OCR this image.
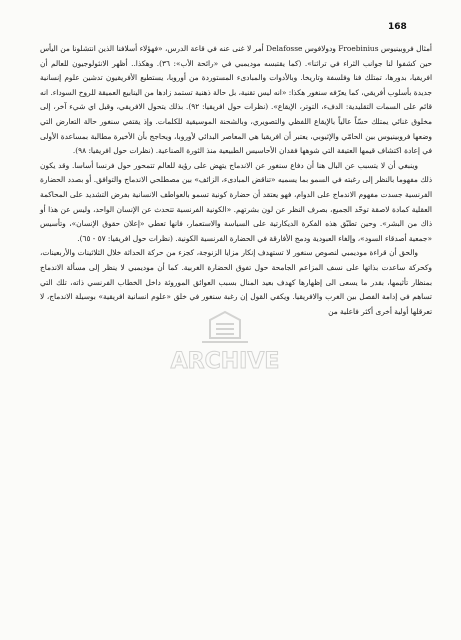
168

أمثال فروبينيوس Froebinius ودولافوس Delafosse أمر لا غنى عنه في قاعة الدرس، «فهؤلاء أسلافنا الذين انتشلونا من اليأس حين كشفوا لنا جوانب الثراء في تراثنا». (كما يقتبسه موديمبي في «رائحة الأب»: ٣٦). وهكذا.. أظهر الانثولوجيون للعالم أن افريقيا، بدورها، تمتلك فنا وفلسفة وتاريخا. وبالأدوات والمبادىء المستوردة من أوروبا، يستطيع الأفريقيون تدشين علوم إنسانية جديدة بأسلوب أفريقي، كما يعرّفه سنغور هكذا: «انه ليس تقنية، بل حالة ذهنية تستمد زادها من الينابيع العميقة للروح السوداء. انه قائم على السمات التقليدية: الدفء، التوتر، الإيقاع». (نظرات حول افريقيا: ٩٢). بذلك يتحول الافريقي، وقبل اي شيء آخر، إلى مخلوق غنائي يمتلك حسّاً عالياً بالإيقاع اللفظي والتصويري، وبالشحنة الموسيقية للكلمات. وإذ يقتفي سنغور حالة التعارض التي وضعها فروبينيوس بين الحامّي والإثيوبي، يعتبر أن افريقيا هي المعاصر البدائي لأوروبا، ويحاجج بأن الأخيرة مطالبة بمساعدة الأولى في إعادة اكتشاف قيمها العتيقة التي شوهها فقدان الأحاسيس الطبيعية منذ الثورة الصناعية. (نظرات حول افريقيا: ٩٨).

وينبغي أن لا يتسبب عن البال هنا أن دفاع سنغور عن الاندماج يتهض على رؤية للعالم تتمحور حول فرنسا أساسا. وقد يكون ذلك مفهوما بالنظر إلى رغبته في السمو بما يسميه «تناقض المبادىء، الزائف» بين مصطلحي الاندماج والتوافق. أو بصدد الحضارة الفرنسية جسدت مفهوم الاندماج على الدوام، فهو يعتقد أن حضارة كونية تسمو بالعواطف الانسانية بفرض التشديد على المحاكمة العقلية كمادة لاصقة توحّد الجميع، بصرف النظر عن لون بشرتهم. «الكونية الفرنسية تتحدث عن الإنسان الواحد، وليس عن هذا أو ذاك من البشر». وحين تطبّق هذه الفكرة الديكارتية على السياسة والاستعمار، فانها تعطي «إعلان حقوق الإنسان»، وتأسيس «جمعية أصدقاء السود»، وإلغاء العبودية ودمج الأفارقة في الحضارة الفرنسية الكونية. (نظرات حول افريقيا: ٥٧ - ٦٥).

والحق أن قراءة موديمبي لنصوص سنغور لا تستهدف إنكار مزايا الزنوجة، كجزء من حركة الحداثة خلال الثلاثينات والأربعينات، وكحركة ساعدت بذاتها على نسف المزاعم الجامحة حول تفوق الحضارة الغربية. كما أن موديمبي لا ينظر إلى مسألة الاندماج بمنظار تأثيمها، بقدر ما يسعى الى إظهارها كهدف بعيد المنال بسبب العوائق الموروثة داخل الخطاب الفرنسي ذاته، تلك التي تساهم في إدامة الفصل بين الغرب والافريقيا. ويكفي القول إن رغبة سنغور في خلق «علوم انسانية افريقية» بوسيلة الاندماج، لا تعرقلها أولية أخرى أكثر فاعلية من

ARCHIVE
